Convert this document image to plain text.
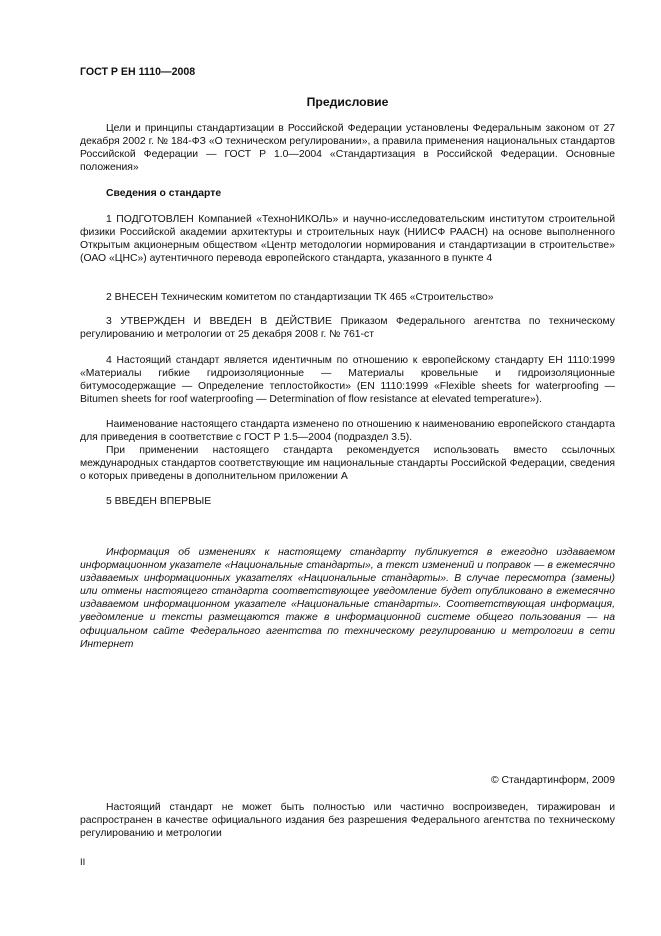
ГОСТ Р ЕН 1110—2008
Предисловие

Цели и принципы стандартизации в Российской Федерации установлены Федеральным законом от 27 декабря 2002 г. № 184-ФЗ «О техническом регулировании», а правила применения национальных стандартов Российской Федерации — ГОСТ Р 1.0—2004 «Стандартизация в Российской Федерации. Основные положения»

Сведения о стандарте

1 ПОДГОТОВЛЕН Компанией «ТехноНИКОЛЬ» и научно-исследовательским институтом строительной физики Российской академии архитектуры и строительных наук (НИИСФ РААСН) на основе выполненного Открытым акционерным обществом «Центр методологии нормирования и стандартизации в строительстве» (ОАО «ЦНС») аутентичного перевода европейского стандарта, указанного в пункте 4

2 ВНЕСЕН Техническим комитетом по стандартизации ТК 465 «Строительство»

3 УТВЕРЖДЕН И ВВЕДЕН В ДЕЙСТВИЕ Приказом Федерального агентства по техническому регулированию и метрологии от 25 декабря 2008 г. № 761-ст

4 Настоящий стандарт является идентичным по отношению к европейскому стандарту ЕН 1110:1999 «Материалы гибкие гидроизоляционные — Материалы кровельные и гидроизоляционные битумосодержащие — Определение теплостойкости» (EN 1110:1999 «Flexible sheets for waterproofing — Bitumen sheets for roof waterproofing — Determination of flow resistance at elevated temperature»).

Наименование настоящего стандарта изменено по отношению к наименованию европейского стандарта для приведения в соответствие с ГОСТ Р 1.5—2004 (подраздел 3.5).

При применении настоящего стандарта рекомендуется использовать вместо ссылочных международных стандартов соответствующие им национальные стандарты Российской Федерации, сведения о которых приведены в дополнительном приложении А

5 ВВЕДЕН ВПЕРВЫЕ

Информация об изменениях к настоящему стандарту публикуется в ежегодно издаваемом информационном указателе «Национальные стандарты», а текст изменений и поправок — в ежемесячно издаваемых информационных указателях «Национальные стандарты». В случае пересмотра (замены) или отмены настоящего стандарта соответствующее уведомление будет опубликовано в ежемесячно издаваемом информационном указателе «Национальные стандарты». Соответствующая информация, уведомление и тексты размещаются также в информационной системе общего пользования — на официальном сайте Федерального агентства по техническому регулированию и метрологии в сети Интернет

© Стандартинформ, 2009

Настоящий стандарт не может быть полностью или частично воспроизведен, тиражирован и распространен в качестве официального издания без разрешения Федерального агентства по техническому регулированию и метрологии

II
